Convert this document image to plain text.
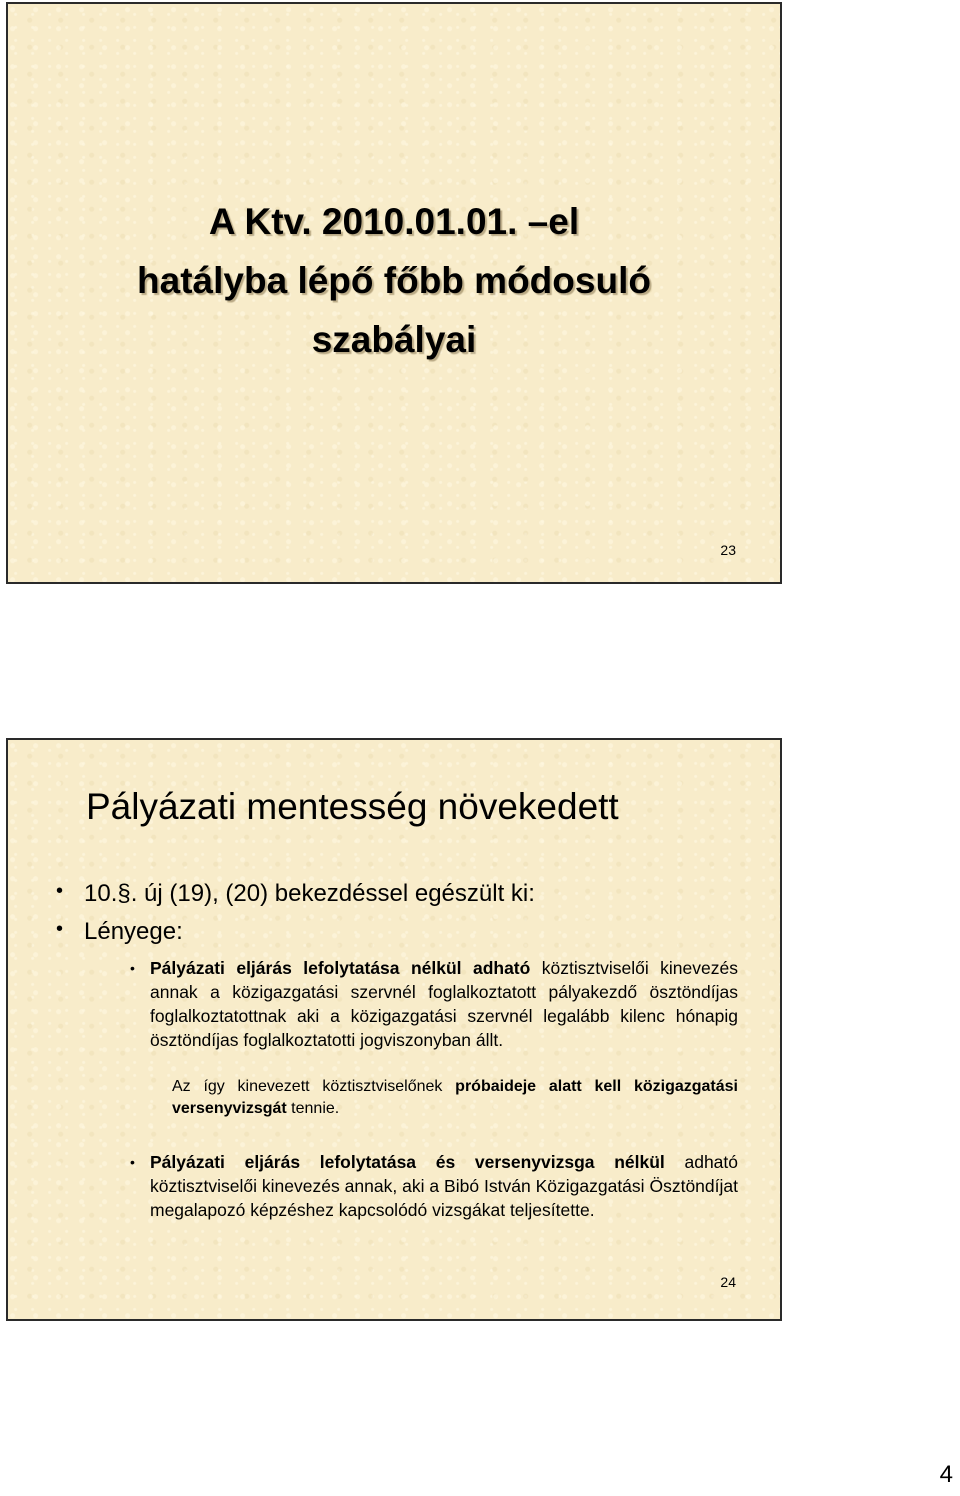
A Ktv. 2010.01.01. –el
hatályba lépő főbb módosuló
szabályai
23
Pályázati mentesség növekedett
• 10.§. új (19), (20) bekezdéssel egészült ki:
• Lényege:
• Pályázati eljárás lefolytatása nélkül adható köztisztviselői kinevezés annak a közigazgatási szervnél foglalkoztatott pályakezdő ösztöndíjas foglalkoztatottnak aki a közigazgatási szervnél legalább kilenc hónapig ösztöndíjas foglalkoztatotti jogviszonyban állt.
Az így kinevezett köztisztviselőnek próbaideje alatt kell közigazgatási versenyvizsgát tennie.
• Pályázati eljárás lefolytatása és versenyvizsga nélkül adható köztisztviselői kinevezés annak, aki a Bibó István Közigazgatási Ösztöndíjat megalapozó képzéshez kapcsolódó vizsgákat teljesítette.
24
4
